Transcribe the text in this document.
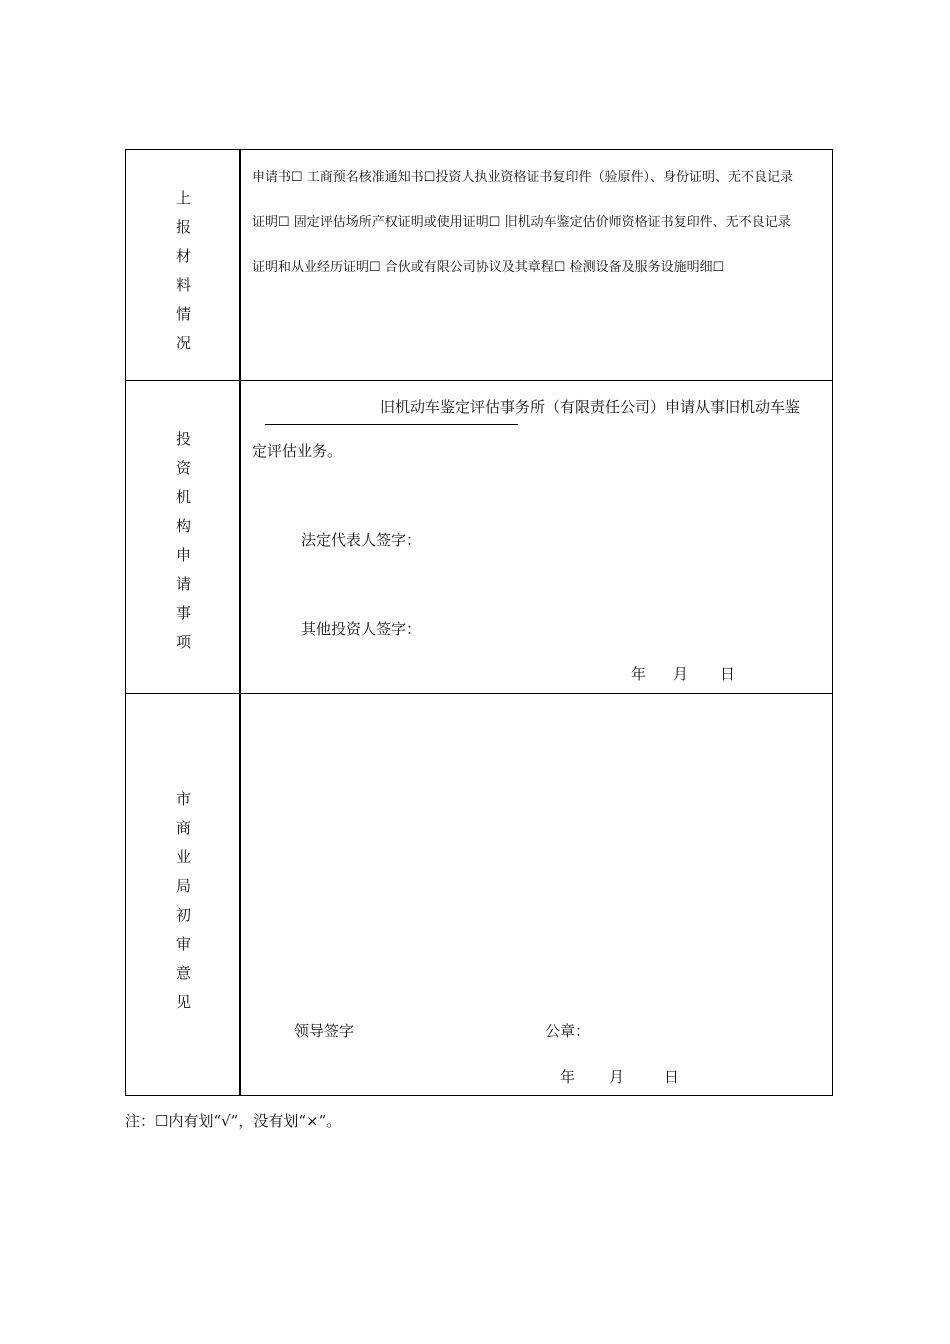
上
报
材
料
情
况
申请书☐ 工商预名核准通知书☐投资人执业资格证书复印件（验原件）、身份证明、无不良记录
证明☐ 固定评估场所产权证明或使用证明☐ 旧机动车鉴定估价师资格证书复印件、无不良记录
证明和从业经历证明☐ 合伙或有限公司协议及其章程☐ 检测设备及服务设施明细☐
投
资
机
构
申
请
事
项
旧机动车鉴定评估事务所（有限责任公司）申请从事旧机动车鉴
定评估业务。
法定代表人签字：
其他投资人签字：
年 月 日
市
商
业
局
初
审
意
见
领导签字	公章：
年 月	日
注：☐内有划“√”，没有划“×”。
